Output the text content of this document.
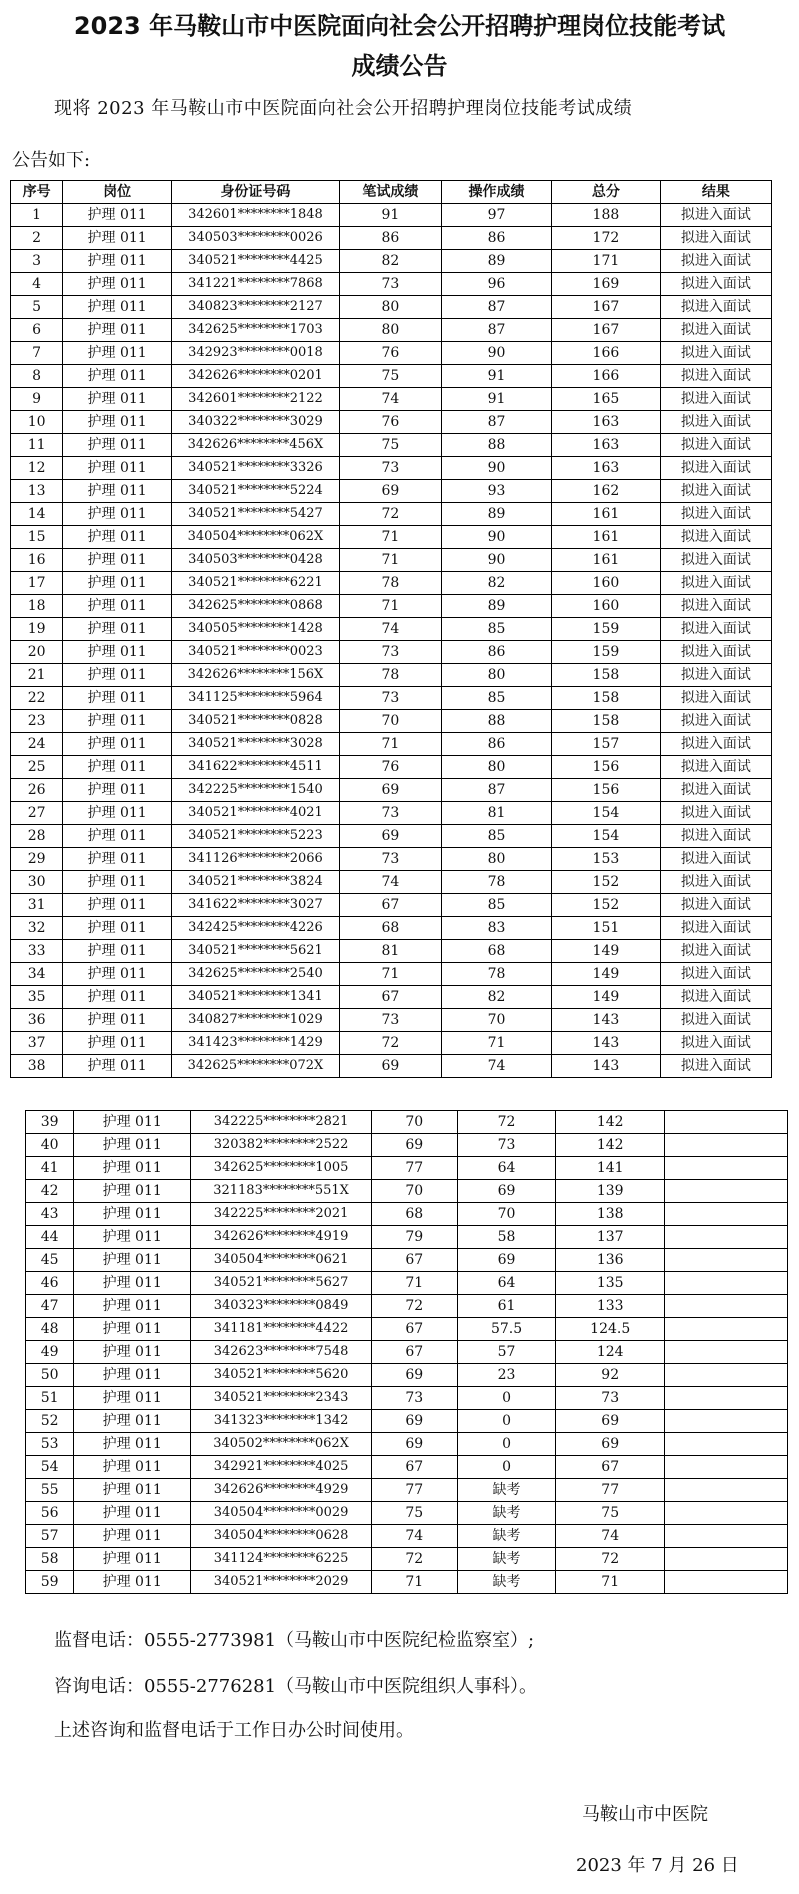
2023 年马鞍山市中医院面向社会公开招聘护理岗位技能考试
成绩公告
现将 2023 年马鞍山市中医院面向社会公开招聘护理岗位技能考试成绩
公告如下:
序号	岗位	身份证号码	笔试成绩	操作成绩	总分	结果
1	护理 011	342601********1848	91	97	188	拟进入面试
2	护理 011	340503********0026	86	86	172	拟进入面试
3	护理 011	340521********4425	82	89	171	拟进入面试
4	护理 011	341221********7868	73	96	169	拟进入面试
5	护理 011	340823********2127	80	87	167	拟进入面试
6	护理 011	342625********1703	80	87	167	拟进入面试
7	护理 011	342923********0018	76	90	166	拟进入面试
8	护理 011	342626********0201	75	91	166	拟进入面试
9	护理 011	342601********2122	74	91	165	拟进入面试
10	护理 011	340322********3029	76	87	163	拟进入面试
11	护理 011	342626********456X	75	88	163	拟进入面试
12	护理 011	340521********3326	73	90	163	拟进入面试
13	护理 011	340521********5224	69	93	162	拟进入面试
14	护理 011	340521********5427	72	89	161	拟进入面试
15	护理 011	340504********062X	71	90	161	拟进入面试
16	护理 011	340503********0428	71	90	161	拟进入面试
17	护理 011	340521********6221	78	82	160	拟进入面试
18	护理 011	342625********0868	71	89	160	拟进入面试
19	护理 011	340505********1428	74	85	159	拟进入面试
20	护理 011	340521********0023	73	86	159	拟进入面试
21	护理 011	342626********156X	78	80	158	拟进入面试
22	护理 011	341125********5964	73	85	158	拟进入面试
23	护理 011	340521********0828	70	88	158	拟进入面试
24	护理 011	340521********3028	71	86	157	拟进入面试
25	护理 011	341622********4511	76	80	156	拟进入面试
26	护理 011	342225********1540	69	87	156	拟进入面试
27	护理 011	340521********4021	73	81	154	拟进入面试
28	护理 011	340521********5223	69	85	154	拟进入面试
29	护理 011	341126********2066	73	80	153	拟进入面试
30	护理 011	340521********3824	74	78	152	拟进入面试
31	护理 011	341622********3027	67	85	152	拟进入面试
32	护理 011	342425********4226	68	83	151	拟进入面试
33	护理 011	340521********5621	81	68	149	拟进入面试
34	护理 011	342625********2540	71	78	149	拟进入面试
35	护理 011	340521********1341	67	82	149	拟进入面试
36	护理 011	340827********1029	73	70	143	拟进入面试
37	护理 011	341423********1429	72	71	143	拟进入面试
38	护理 011	342625********072X	69	74	143	拟进入面试
39	护理 011	342225********2821	70	72	142	
40	护理 011	320382********2522	69	73	142	
41	护理 011	342625********1005	77	64	141	
42	护理 011	321183********551X	70	69	139	
43	护理 011	342225********2021	68	70	138	
44	护理 011	342626********4919	79	58	137	
45	护理 011	340504********0621	67	69	136	
46	护理 011	340521********5627	71	64	135	
47	护理 011	340323********0849	72	61	133	
48	护理 011	341181********4422	67	57.5	124.5	
49	护理 011	342623********7548	67	57	124	
50	护理 011	340521********5620	69	23	92	
51	护理 011	340521********2343	73	0	73	
52	护理 011	341323********1342	69	0	69	
53	护理 011	340502********062X	69	0	69	
54	护理 011	342921********4025	67	0	67	
55	护理 011	342626********4929	77	缺考	77	
56	护理 011	340504********0029	75	缺考	75	
57	护理 011	340504********0628	74	缺考	74	
58	护理 011	341124********6225	72	缺考	72	
59	护理 011	340521********2029	71	缺考	71	
监督电话：0555-2773981（马鞍山市中医院纪检监察室）;
咨询电话：0555-2776281（马鞍山市中医院组织人事科）。
上述咨询和监督电话于工作日办公时间使用。
马鞍山市中医院
2023 年 7 月 26 日
